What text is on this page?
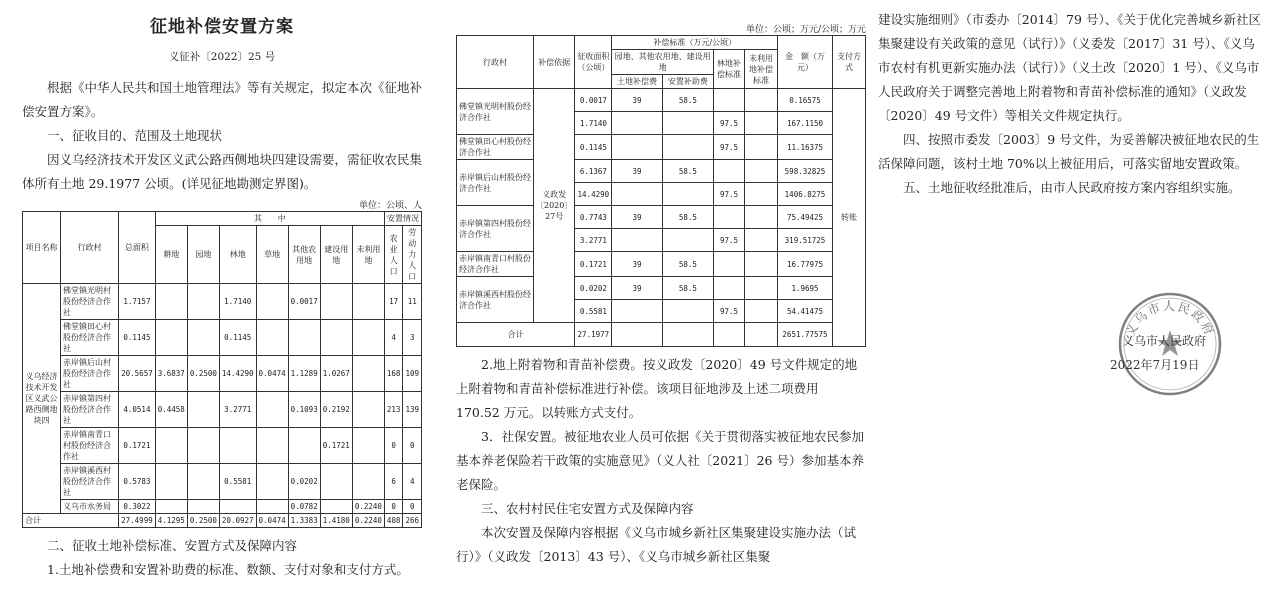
征地补偿安置方案
义征补〔2022〕25 号

根据《中华人民共和国土地管理法》等有关规定，拟定本次《征地补偿安置方案》。

一、征收目的、范围及土地现状

因义乌经济技术开发区义武公路西侧地块四建设需要，需征收农民集体所有土地 29.1977 公顷。(详见征地勘测定界图)。

单位：公顷、人
项目名称	行政村	总面积	其　　中							安置情况	
			耕地	园地	林地	草地	其他农用地	建设用地	未利用地	农业人口	劳动力人口
义乌经济技术开发区义武公路西侧地块四	佛堂镇光明村股份经济合作社	1.7157			1.7140		0.0017			17	11
	佛堂镇田心村股份经济合作社	0.1145			0.1145					4	3
	赤岸镇后山村股份经济合作社	20.5657	3.6837	0.2500	14.4290	0.0474	1.1289	1.0267		168	109
	赤岸镇第四村股份经济合作社	4.0514	0.4458		3.2771		0.1093	0.2192		213	139
	赤岸镇南青口村股份经济合作社	0.1721						0.1721		0	0
	赤岸镇溪西村股份经济合作社	0.5783			0.5581		0.0202			6	4
	义乌市水务局	0.3022					0.0782		0.2240	0	0
合计		27.4999	4.1295	0.2500	20.0927	0.0474	1.3383	1.4180	0.2240	408	266

二、征收土地补偿标准、安置方式及保障内容

1.土地补偿费和安置补助费的标准、数额、支付对象和支付方式。

单位：公顷；万元/公顷；万元
行政村	补偿依据	征收面积（公顷）	补偿标准（万元/公顷）				金　额（万元）	支付方式
			园地、其他农用地、建设用地		林地补偿标准	未利用地补偿标准		
			土地补偿费	安置补助费				
佛堂镇光明村股份经济合作社	义政发〔2020〕27号	0.0017	39	58.5			0.16575	转账
		1.7140			97.5		167.1150	
佛堂镇田心村股份经济合作社		0.1145			97.5		11.16375	
赤岸镇后山村股份经济合作社		6.1367	39	58.5			598.32825	
		14.4290			97.5		1406.8275	
赤岸镇第四村股份经济合作社		0.7743	39	58.5			75.49425	
		3.2771			97.5		319.51725	
赤岸镇南青口村股份经济合作社		0.1721	39	58.5			16.77975	
赤岸镇溪西村股份经济合作社		0.0202	39	58.5			1.9695	
		0.5581			97.5		54.41475	
合计		27.1977					2651.77575	

2.地上附着物和青苗补偿费。按义政发〔2020〕49 号文件规定的地上附着物和青苗补偿标准进行补偿。该项目征地涉及上述二项费用 170.52 万元。以转账方式支付。

3．社保安置。被征地农业人员可依据《关于贯彻落实被征地农民参加基本养老保险若干政策的实施意见》（义人社〔2021〕26 号）参加基本养老保险。

三、农村村民住宅安置方式及保障内容

本次安置及保障内容根据《义乌市城乡新社区集聚建设实施办法（试行）》（义政发〔2013〕43 号）、《义乌市城乡新社区集聚

建设实施细则》（市委办〔2014〕79 号）、《关于优化完善城乡新社区集聚建设有关政策的意见（试行）》（义委发〔2017〕31 号）、《义乌市农村有机更新实施办法（试行）》（义土改〔2020〕1 号）、《义乌市人民政府关于调整完善地上附着物和青苗补偿标准的通知》（义政发〔2020〕49 号文件）等相关文件规定执行。

四、按照市委发〔2003〕9 号文件，为妥善解决被征地农民的生活保障问题，该村土地 70%以上被征用后，可落实留地安置政策。

五、土地征收经批准后，由市人民政府按方案内容组织实施。

义乌市人民政府
义乌市人民政府
2022年7月19日
